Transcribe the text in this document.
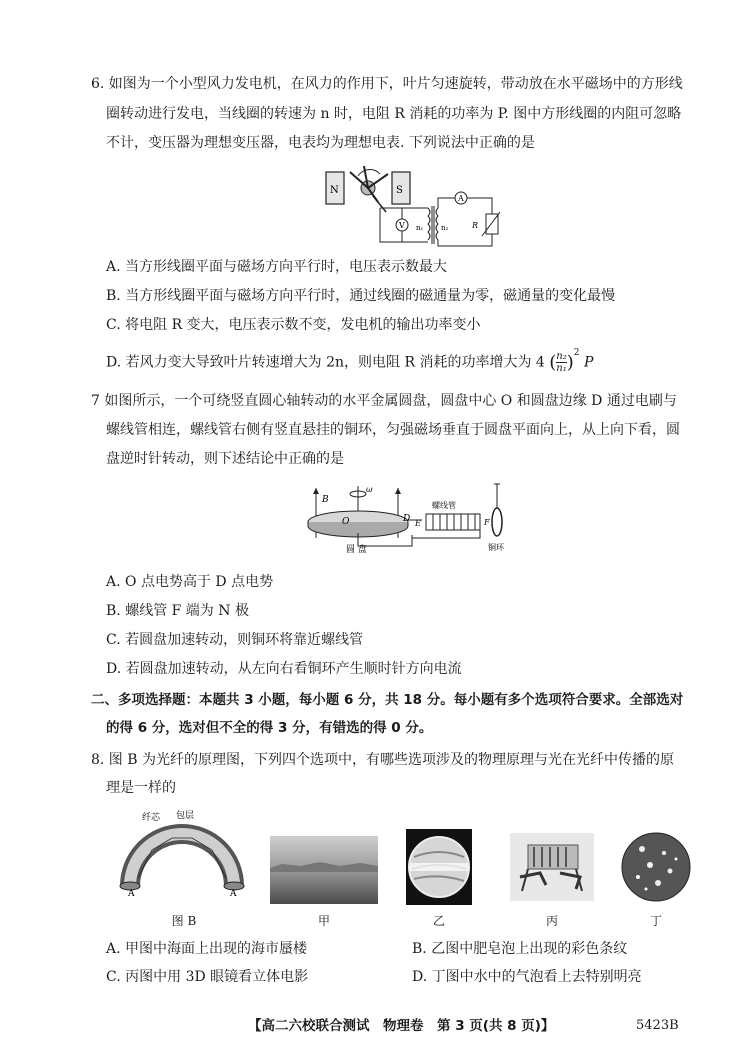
6. 如图为一个小型风力发电机，在风力的作用下，叶片匀速旋转，带动放在水平磁场中的方形线
圈转动进行发电，当线圈的转速为 n 时，电阻 R 消耗的功率为 P. 图中方形线圈的内阻可忽略
不计，变压器为理想变压器，电表均为理想电表. 下列说法中正确的是
N	S
V n₁	n₂
A
R
A. 当方形线圈平面与磁场方向平行时，电压表示数最大
B. 当方形线圈平面与磁场方向平行时，通过线圈的磁通量为零，磁通量的变化最慢
C. 将电阻 R 变大，电压表示数不变，发电机的输出功率变小
D. 若风力变大导致叶片转速增大为 2n，则电阻 R 消耗的功率增大为 4 ( $\frac{\text{n₂}}{\text{n₁}} )^2$ P
7 如图所示，一个可绕竖直圆心轴转动的水平金属圆盘，圆盘中心 O 和圆盘边缘 D 通过电刷与
螺线管相连，螺线管右侧有竖直悬挂的铜环，匀强磁场垂直于圆盘平面向上，从上向下看，圆
盘逆时针转动，则下述结论中正确的是
B
ω
O	D
圆 盘
E
螺线管
F
铜环
A. O 点电势高于 D 点电势
B. 螺线管 F 端为 N 极
C. 若圆盘加速转动，则铜环将靠近螺线管
D. 若圆盘加速转动，从左向右看铜环产生顺时针方向电流
二、多项选择题：本题共 3 小题，每小题 6 分，共 18 分。每小题有多个选项符合要求。全部选对
的得 6 分，选对但不全的得 3 分，有错选的得 0 分。
8. 图 B 为光纤的原理图，下列四个选项中，有哪些选项涉及的物理原理与光在光纤中传播的原
理是一样的
纤芯 包层
A	A
图 B	甲	乙	丙	丁
A. 甲图中海面上出现的海市蜃楼	B. 乙图中肥皂泡上出现的彩色条纹
C. 丙图中用 3D 眼镜看立体电影	D. 丁图中水中的气泡看上去特别明亮
【高二六校联合测试　物理卷　第 3 页(共 8 页)】	5423B
